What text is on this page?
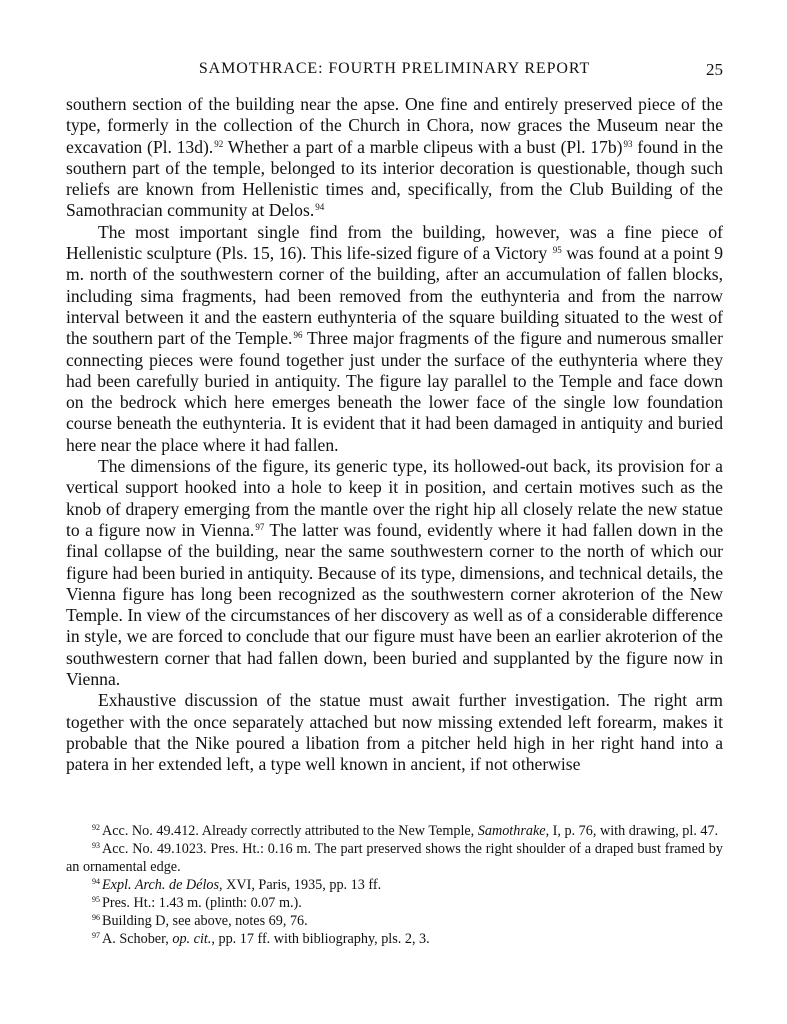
SAMOTHRACE: FOURTH PRELIMINARY REPORT	25

southern section of the building near the apse. One fine and entirely preserved piece of the type, formerly in the collection of the Church in Chora, now graces the Museum near the excavation (Pl. 13d).$^{92}$ Whether a part of a marble clipeus with a bust (Pl. 17b)$^{93}$ found in the southern part of the temple, belonged to its interior decoration is questionable, though such reliefs are known from Hellenistic times and, specifically, from the Club Building of the Samothracian community at Delos.$^{94}$

The most important single find from the building, however, was a fine piece of Hellenistic sculpture (Pls. 15, 16). This life-sized figure of a Victory $^{95}$ was found at a point 9 m. north of the southwestern corner of the building, after an accumulation of fallen blocks, including sima fragments, had been removed from the euthynteria and from the narrow interval between it and the eastern euthynteria of the square building situated to the west of the southern part of the Temple.$^{96}$ Three major fragments of the figure and numerous smaller connecting pieces were found together just under the surface of the euthynteria where they had been carefully buried in antiquity. The figure lay parallel to the Temple and face down on the bedrock which here emerges beneath the lower face of the single low foundation course beneath the euthynteria. It is evident that it had been damaged in antiquity and buried here near the place where it had fallen.

The dimensions of the figure, its generic type, its hollowed-out back, its provision for a vertical support hooked into a hole to keep it in position, and certain motives such as the knob of drapery emerging from the mantle over the right hip all closely relate the new statue to a figure now in Vienna.$^{97}$ The latter was found, evidently where it had fallen down in the final collapse of the building, near the same southwestern corner to the north of which our figure had been buried in antiquity. Because of its type, dimensions, and technical details, the Vienna figure has long been recognized as the southwestern corner akroterion of the New Temple. In view of the circumstances of her discovery as well as of a considerable difference in style, we are forced to conclude that our figure must have been an earlier akroterion of the southwestern corner that had fallen down, been buried and supplanted by the figure now in Vienna.

Exhaustive discussion of the statue must await further investigation. The right arm together with the once separately attached but now missing extended left forearm, makes it probable that the Nike poured a libation from a pitcher held high in her right hand into a patera in her extended left, a type well known in ancient, if not otherwise

$^{92}$ Acc. No. 49.412. Already correctly attributed to the New Temple, Samothrake, I, p. 76, with drawing, pl. 47.

$^{93}$ Acc. No. 49.1023. Pres. Ht.: 0.16 m. The part preserved shows the right shoulder of a draped bust framed by an ornamental edge.

$^{94}$ Expl. Arch. de Délos, XVI, Paris, 1935, pp. 13 ff.

$^{95}$ Pres. Ht.: 1.43 m. (plinth: 0.07 m.).

$^{96}$ Building D, see above, notes 69, 76.

$^{97}$ A. Schober, op. cit., pp. 17 ff. with bibliography, pls. 2, 3.
